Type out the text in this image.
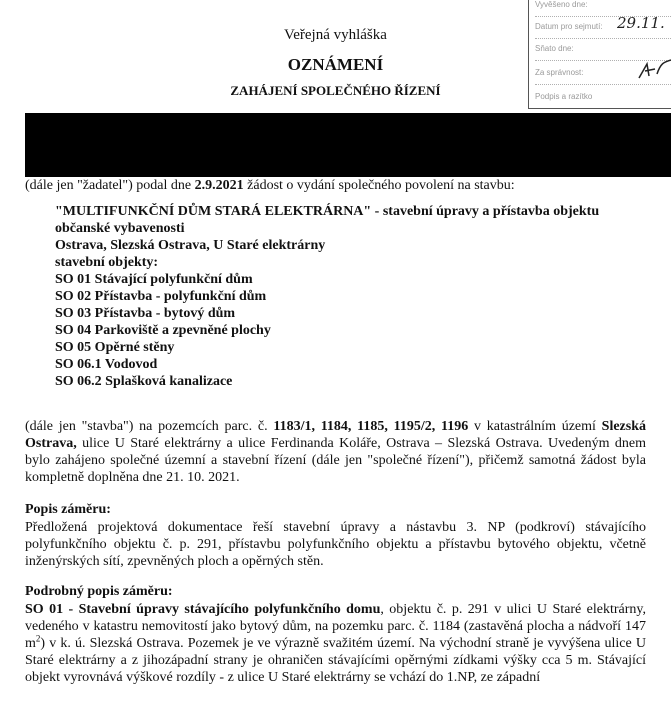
Vyvěšeno dne:
Datum pro sejmutí: 29.11.
Sňato dne:
Za správnost:
Podpis a razítko
Veřejná vyhláška
OZNÁMENÍ
ZAHÁJENÍ SPOLEČNÉHO ŘÍZENÍ
(dále jen "žadatel") podal dne 2.9.2021 žádost o vydání společného povolení na stavbu:
"MULTIFUNKČNÍ DŮM STARÁ ELEKTRÁRNA" - stavební úpravy a přístavba objektu
občanské vybavenosti
Ostrava, Slezská Ostrava, U Staré elektrárny
stavební objekty:
SO 01 Stávající polyfunkční dům
SO 02 Přístavba - polyfunkční dům
SO 03 Přístavba - bytový dům
SO 04 Parkoviště a zpevněné plochy
SO 05 Opěrné stěny
SO 06.1 Vodovod
SO 06.2 Splašková kanalizace
(dále jen "stavba") na pozemcích parc. č. 1183/1, 1184, 1185, 1195/2, 1196 v katastrálním území Slezská Ostrava, ulice U Staré elektrárny a ulice Ferdinanda Koláře, Ostrava – Slezská Ostrava. Uvedeným dnem bylo zahájeno společné územní a stavební řízení (dále jen "společné řízení"), přičemž samotná žádost byla kompletně doplněna dne 21. 10. 2021.
Popis záměru:
Předložená projektová dokumentace řeší stavební úpravy a nástavbu 3. NP (podkroví) stávajícího polyfunkčního objektu č. p. 291, přístavbu polyfunkčního objektu a přístavbu bytového objektu, včetně inženýrských sítí, zpevněných ploch a opěrných stěn.
Podrobný popis záměru:
SO 01 - Stavební úpravy stávajícího polyfunkčního domu, objektu č. p. 291 v ulici U Staré elektrárny, vedeného v katastru nemovitostí jako bytový dům, na pozemku parc. č. 1184 (zastavěná plocha a nádvoří 147 $m^2$) v k. ú. Slezská Ostrava. Pozemek je ve výrazně svažitém území. Na východní straně je vyvýšena ulice U Staré elektrárny a z jihozápadní strany je ohraničen stávajícími opěrnými zídkami výšky cca 5 m. Stávající objekt vyrovnává výškové rozdíly - z ulice U Staré elektrárny se vchází do 1.NP, ze západní
